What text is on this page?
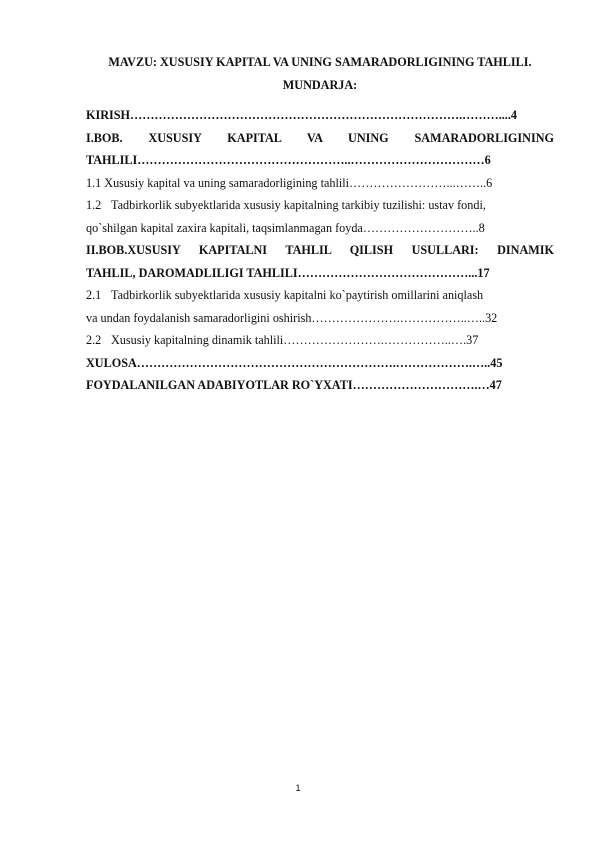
MAVZU: XUSUSIY KAPITAL VA UNING SAMARADORLIGINING TAHLILI.

MUNDARJA:

KIRISH……………………………………………………………………….………....4
I.BOB. XUSUSIY KAPITAL VA UNING SAMARADORLIGINING
TAHLILI……………………………………………..……………………………6
1.1 Xususiy kapital va uning samaradorligining tahlili……………………...……..6
1.2 Tadbirkorlik subyektlarida xususiy kapitalning tarkibiy tuzilishi: ustav fondi,
qo`shilgan kapital zaxira kapitali, taqsimlanmagan foyda………………………..8
II.BOB.XUSUSIY KAPITALNI TAHLIL QILISH USULLARI: DINAMIK
TAHLIL, DAROMADLILIGI TAHLILI……………………………………...17
2.1 Tadbirkorlik subyektlarida xususiy kapitalni ko`paytirish omillarini aniqlash
va undan foydalanish samaradorligini oshirish………………….……………..…..32
2.2 Xususiy kapitalning dinamik tahlili…………………….……………..….37
XULOSA……………………………………………………….……………….…..45
FOYDALANILGAN ADABIYOTLAR RO`YXATI………………………….…47
1
